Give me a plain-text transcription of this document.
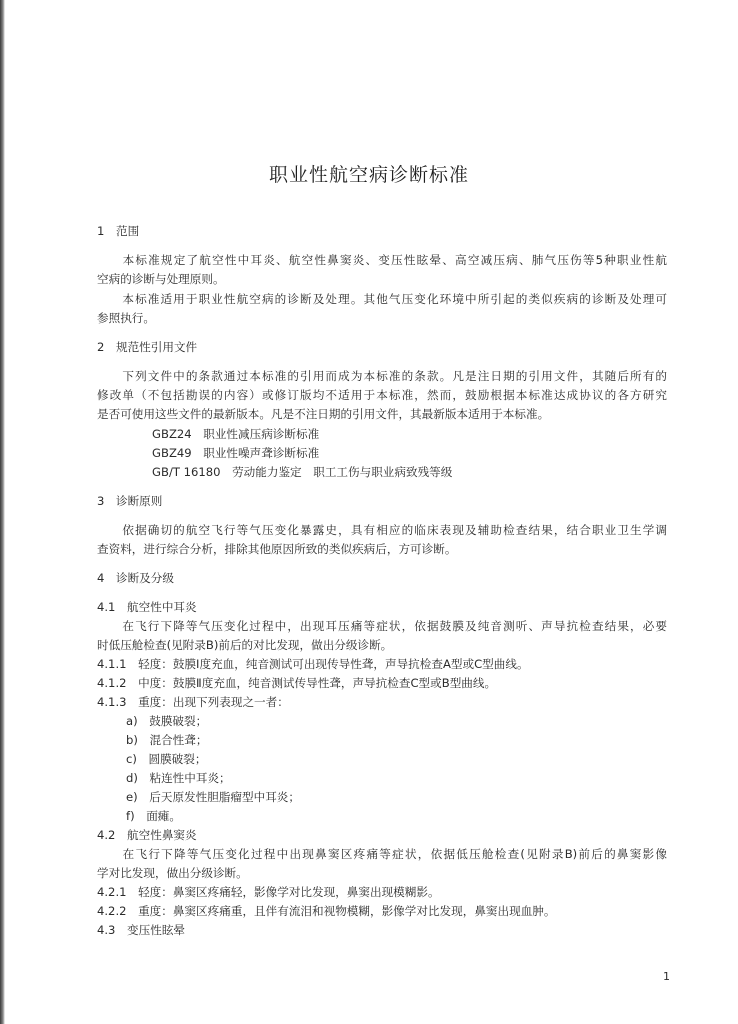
职业性航空病诊断标准
1　范围
　　本标准规定了航空性中耳炎、航空性鼻窦炎、变压性眩晕、高空减压病、肺气压伤等5种职业性航
空病的诊断与处理原则。
　　本标准适用于职业性航空病的诊断及处理。其他气压变化环境中所引起的类似疾病的诊断及处理可
参照执行。
2　规范性引用文件
　　下列文件中的条款通过本标准的引用而成为本标准的条款。凡是注日期的引用文件，其随后所有的
修改单（不包括勘误的内容）或修订版均不适用于本标准，然而，鼓励根据本标准达成协议的各方研究
是否可使用这些文件的最新版本。凡是不注日期的引用文件，其最新版本适用于本标准。
GBZ24　职业性减压病诊断标准
GBZ49　职业性噪声聋诊断标准
GB/T 16180　劳动能力鉴定　职工工伤与职业病致残等级
3　诊断原则
　　依据确切的航空飞行等气压变化暴露史，具有相应的临床表现及辅助检查结果，结合职业卫生学调
查资料，进行综合分析，排除其他原因所致的类似疾病后，方可诊断。
4　诊断及分级
4.1　航空性中耳炎
　　在飞行下降等气压变化过程中，出现耳压痛等症状，依据鼓膜及纯音测听、声导抗检查结果，必要
时低压舱检查(见附录B)前后的对比发现，做出分级诊断。
4.1.1　轻度：鼓膜Ⅰ度充血，纯音测试可出现传导性聋，声导抗检查A型或C型曲线。
4.1.2　中度：鼓膜Ⅱ度充血，纯音测试传导性聋，声导抗检查C型或B型曲线。
4.1.3　重度：出现下列表现之一者：
a)　鼓膜破裂；
b)　混合性聋；
c)　圆膜破裂；
d)　粘连性中耳炎；
e)　后天原发性胆脂瘤型中耳炎；
f)　面瘫。
4.2　航空性鼻窦炎
　　在飞行下降等气压变化过程中出现鼻窦区疼痛等症状，依据低压舱检查(见附录B)前后的鼻窦影像
学对比发现，做出分级诊断。
4.2.1　轻度：鼻窦区疼痛轻，影像学对比发现，鼻窦出现模糊影。
4.2.2　重度：鼻窦区疼痛重，且伴有流泪和视物模糊，影像学对比发现，鼻窦出现血肿。
4.3　变压性眩晕
1
